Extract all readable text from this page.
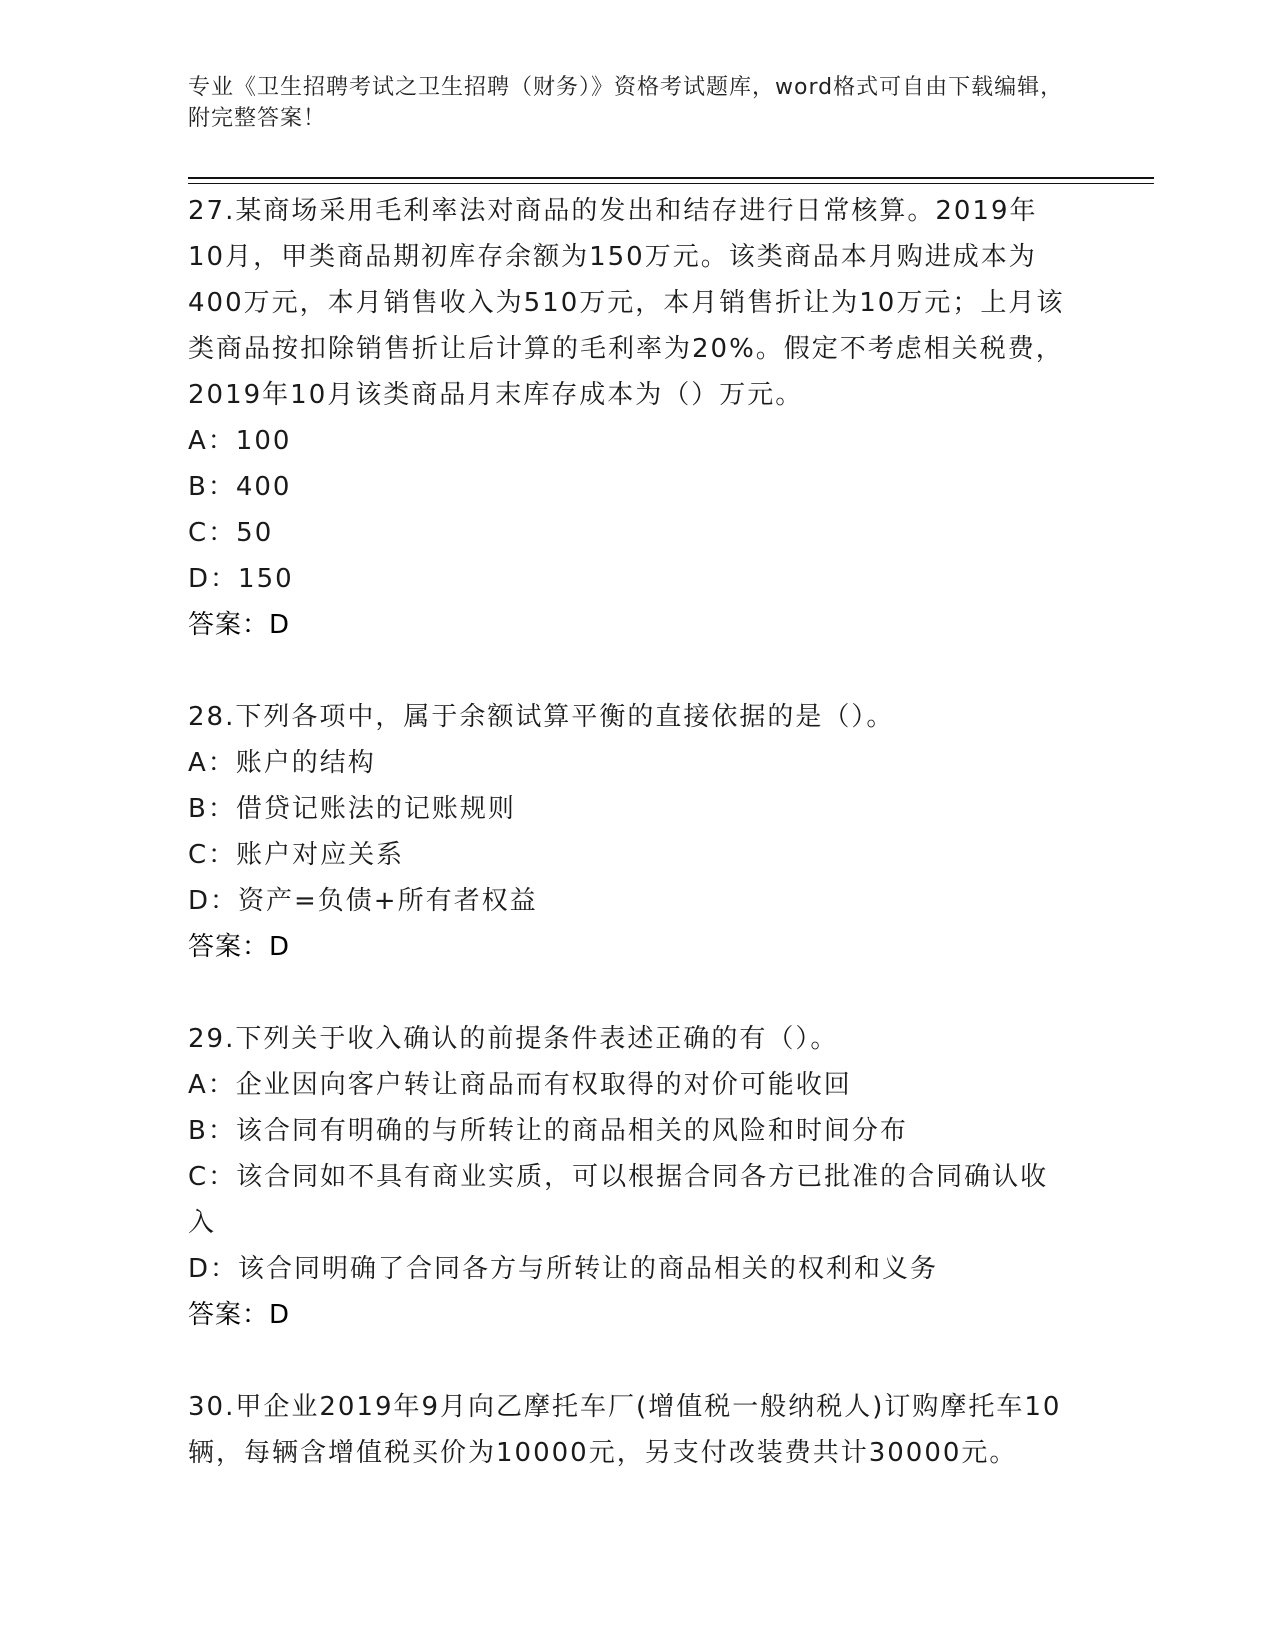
专业《卫生招聘考试之卫生招聘（财务）》资格考试题库，word格式可自由下载编辑，附完整答案！

27.某商场采用毛利率法对商品的发出和结存进行日常核算。2019年10月，甲类商品期初库存余额为150万元。该类商品本月购进成本为400万元，本月销售收入为510万元，本月销售折让为10万元；上月该类商品按扣除销售折让后计算的毛利率为20%。假定不考虑相关税费，2019年10月该类商品月末库存成本为（）万元。

A：100

B：400

C：50

D：150

答案：D

28.下列各项中，属于余额试算平衡的直接依据的是（）。

A：账户的结构

B：借贷记账法的记账规则

C：账户对应关系

D：资产=负债+所有者权益

答案：D

29.下列关于收入确认的前提条件表述正确的有（）。

A：企业因向客户转让商品而有权取得的对价可能收回

B：该合同有明确的与所转让的商品相关的风险和时间分布

C：该合同如不具有商业实质，可以根据合同各方已批准的合同确认收入

D：该合同明确了合同各方与所转让的商品相关的权利和义务

答案：D

30.甲企业2019年9月向乙摩托车厂(增值税一般纳税人)订购摩托车10辆，每辆含增值税买价为10000元，另支付改装费共计30000元。
